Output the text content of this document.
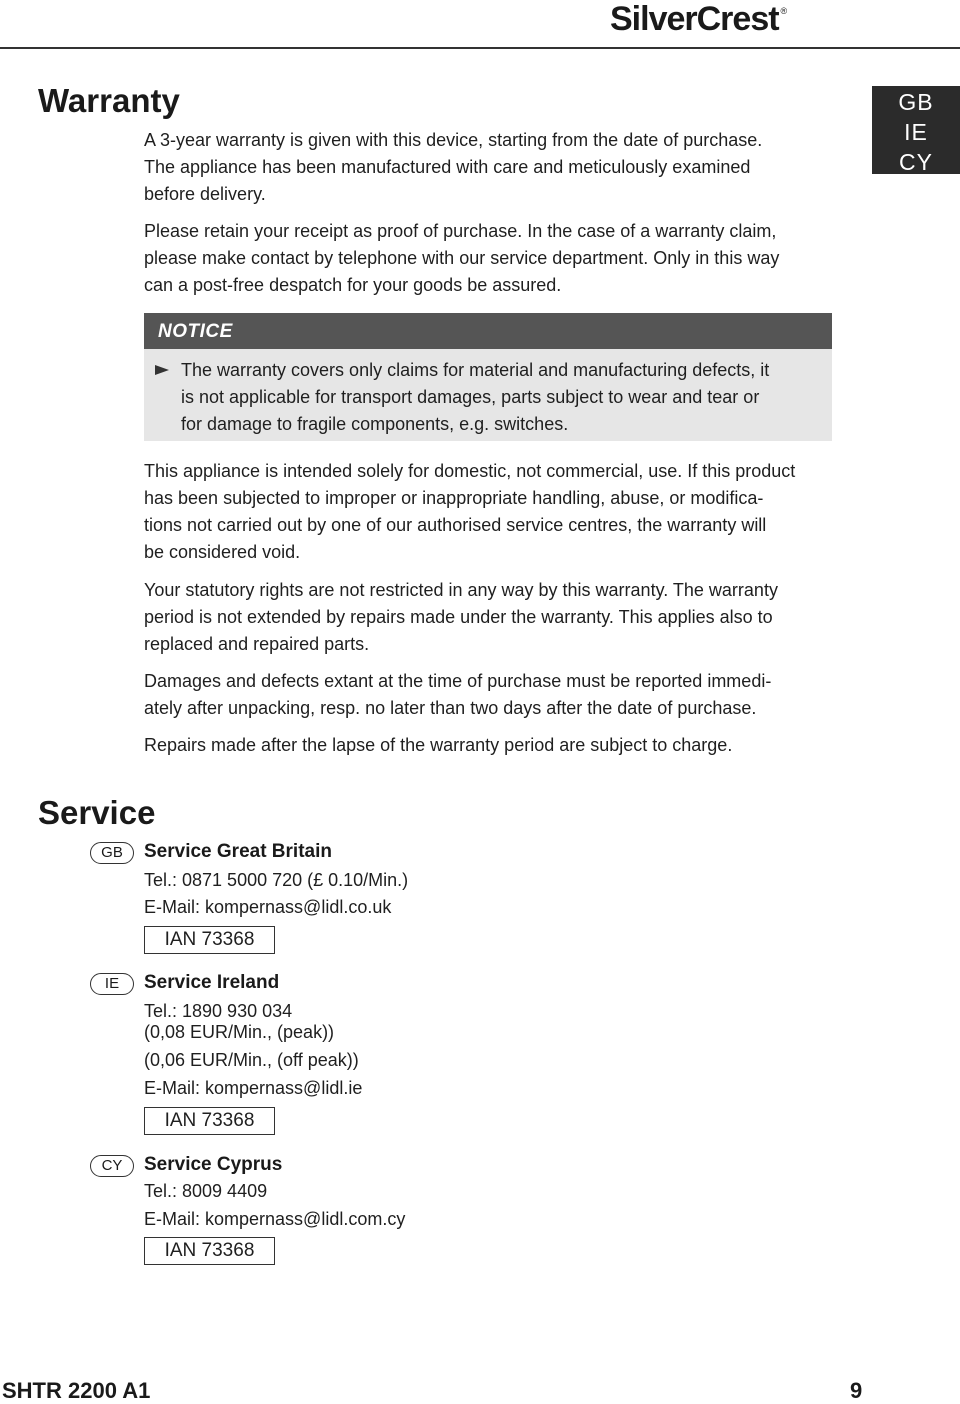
SilverCrest ®
GB
IE
CY
Warranty
A 3-year warranty is given with this device, starting from the date of purchase.
The appliance has been manufactured with care and meticulously examined
before delivery.
Please retain your receipt as proof of purchase. In the case of a warranty claim,
please make contact by telephone with our service department. Only in this way
can a post-free despatch for your goods be assured.
NOTICE
The warranty covers only claims for material and manufacturing defects, it
is not applicable for transport damages, parts subject to wear and tear or
for damage to fragile components, e.g. switches.
This appliance is intended solely for domestic, not commercial, use. If this product
has been subjected to improper or inappropriate handling, abuse, or modifica-
tions not carried out by one of our authorised service centres, the warranty will
be considered void.
Your statutory rights are not restricted in any way by this warranty. The warranty
period is not extended by repairs made under the warranty. This applies also to
replaced and repaired parts.
Damages and defects extant at the time of purchase must be reported immedi-
ately after unpacking, resp. no later than two days after the date of purchase.
Repairs made after the lapse of the warranty period are subject to charge.
Service
GB	Service Great Britain
Tel.: 0871 5000 720 (£ 0.10/Min.)
E-Mail: kompernass@lidl.co.uk
IAN 73368
IE	Service Ireland
Tel.: 1890 930 034
(0,08 EUR/Min., (peak))
(0,06 EUR/Min., (off peak))
E-Mail: kompernass@lidl.ie
IAN 73368
CY	Service Cyprus
Tel.: 8009 4409
E-Mail: kompernass@lidl.com.cy
IAN 73368
SHTR 2200 A1	9
